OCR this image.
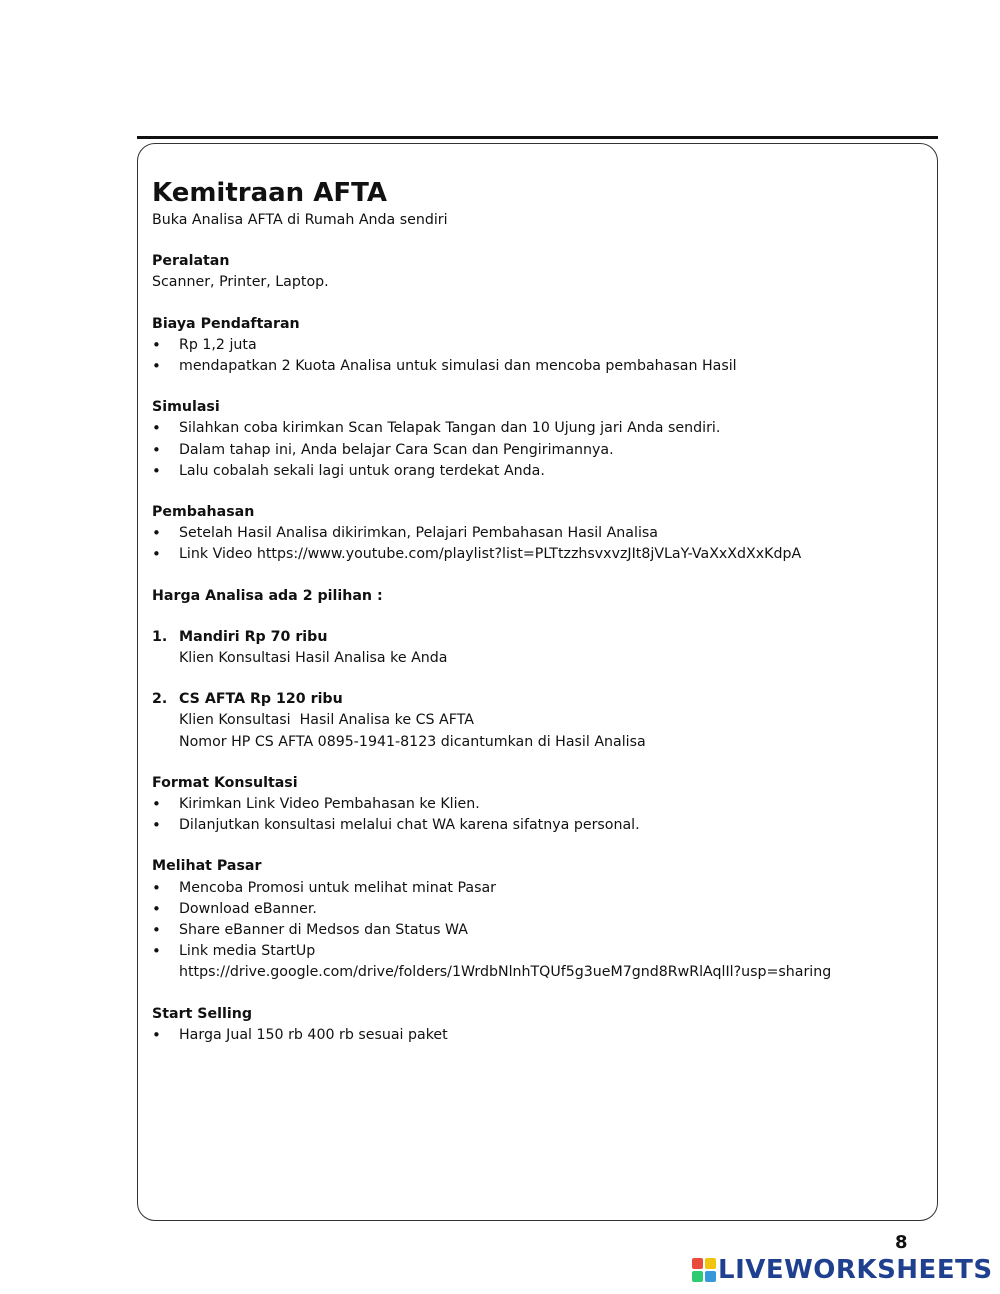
Kemitraan AFTA

Buka Analisa AFTA di Rumah Anda sendiri

Peralatan

Scanner, Printer, Laptop.

Biaya Pendaftaran

• Rp 1,2 juta
• mendapatkan 2 Kuota Analisa untuk simulasi dan mencoba pembahasan Hasil

Simulasi

• Silahkan coba kirimkan Scan Telapak Tangan dan 10 Ujung jari Anda sendiri.
• Dalam tahap ini, Anda belajar Cara Scan dan Pengirimannya.
• Lalu cobalah sekali lagi untuk orang terdekat Anda.

Pembahasan

• Setelah Hasil Analisa dikirimkan, Pelajari Pembahasan Hasil Analisa
• Link Video https://www.youtube.com/playlist?list=PLTtzzhsvxvzJIt8jVLaY-VaXxXdXxKdpA

Harga Analisa ada 2 pilihan :

1. Mandiri Rp 70 ribu
Klien Konsultasi Hasil Analisa ke Anda
2. CS AFTA Rp 120 ribu
Klien Konsultasi  Hasil Analisa ke CS AFTA
Nomor HP CS AFTA 0895-1941-8123 dicantumkan di Hasil Analisa

Format Konsultasi

• Kirimkan Link Video Pembahasan ke Klien.
• Dilanjutkan konsultasi melalui chat WA karena sifatnya personal.

Melihat Pasar

• Mencoba Promosi untuk melihat minat Pasar
• Download eBanner.
• Share eBanner di Medsos dan Status WA
• Link media StartUp
https://drive.google.com/drive/folders/1WrdbNlnhTQUf5g3ueM7gnd8RwRlAqlIl?usp=sharing

Start Selling

• Harga Jual 150 rb 400 rb sesuai paket
8
LIVEWORKSHEETS
